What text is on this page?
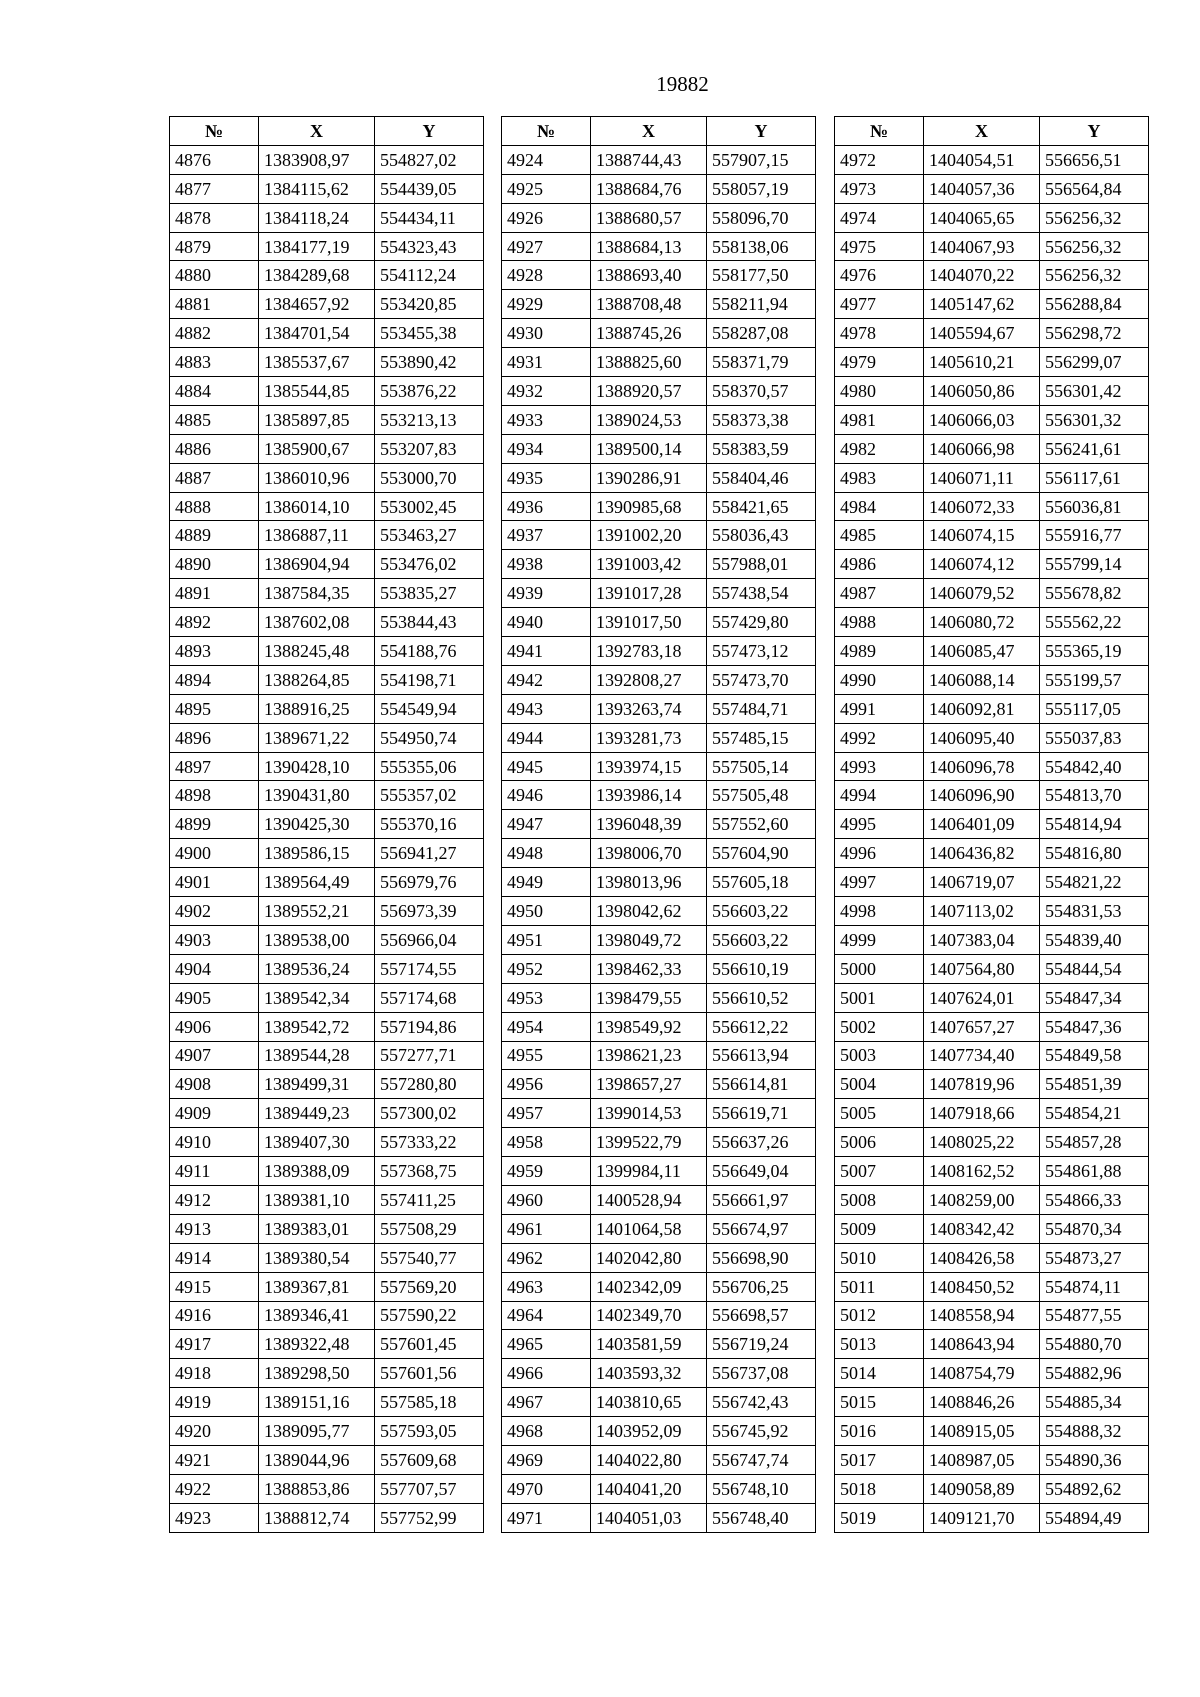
19882
№	X	Y
4876	1383908,97	554827,02
4877	1384115,62	554439,05
4878	1384118,24	554434,11
4879	1384177,19	554323,43
4880	1384289,68	554112,24
4881	1384657,92	553420,85
4882	1384701,54	553455,38
4883	1385537,67	553890,42
4884	1385544,85	553876,22
4885	1385897,85	553213,13
4886	1385900,67	553207,83
4887	1386010,96	553000,70
4888	1386014,10	553002,45
4889	1386887,11	553463,27
4890	1386904,94	553476,02
4891	1387584,35	553835,27
4892	1387602,08	553844,43
4893	1388245,48	554188,76
4894	1388264,85	554198,71
4895	1388916,25	554549,94
4896	1389671,22	554950,74
4897	1390428,10	555355,06
4898	1390431,80	555357,02
4899	1390425,30	555370,16
4900	1389586,15	556941,27
4901	1389564,49	556979,76
4902	1389552,21	556973,39
4903	1389538,00	556966,04
4904	1389536,24	557174,55
4905	1389542,34	557174,68
4906	1389542,72	557194,86
4907	1389544,28	557277,71
4908	1389499,31	557280,80
4909	1389449,23	557300,02
4910	1389407,30	557333,22
4911	1389388,09	557368,75
4912	1389381,10	557411,25
4913	1389383,01	557508,29
4914	1389380,54	557540,77
4915	1389367,81	557569,20
4916	1389346,41	557590,22
4917	1389322,48	557601,45
4918	1389298,50	557601,56
4919	1389151,16	557585,18
4920	1389095,77	557593,05
4921	1389044,96	557609,68
4922	1388853,86	557707,57
4923	1388812,74	557752,99
№	X	Y
4924	1388744,43	557907,15
4925	1388684,76	558057,19
4926	1388680,57	558096,70
4927	1388684,13	558138,06
4928	1388693,40	558177,50
4929	1388708,48	558211,94
4930	1388745,26	558287,08
4931	1388825,60	558371,79
4932	1388920,57	558370,57
4933	1389024,53	558373,38
4934	1389500,14	558383,59
4935	1390286,91	558404,46
4936	1390985,68	558421,65
4937	1391002,20	558036,43
4938	1391003,42	557988,01
4939	1391017,28	557438,54
4940	1391017,50	557429,80
4941	1392783,18	557473,12
4942	1392808,27	557473,70
4943	1393263,74	557484,71
4944	1393281,73	557485,15
4945	1393974,15	557505,14
4946	1393986,14	557505,48
4947	1396048,39	557552,60
4948	1398006,70	557604,90
4949	1398013,96	557605,18
4950	1398042,62	556603,22
4951	1398049,72	556603,22
4952	1398462,33	556610,19
4953	1398479,55	556610,52
4954	1398549,92	556612,22
4955	1398621,23	556613,94
4956	1398657,27	556614,81
4957	1399014,53	556619,71
4958	1399522,79	556637,26
4959	1399984,11	556649,04
4960	1400528,94	556661,97
4961	1401064,58	556674,97
4962	1402042,80	556698,90
4963	1402342,09	556706,25
4964	1402349,70	556698,57
4965	1403581,59	556719,24
4966	1403593,32	556737,08
4967	1403810,65	556742,43
4968	1403952,09	556745,92
4969	1404022,80	556747,74
4970	1404041,20	556748,10
4971	1404051,03	556748,40
№	X	Y
4972	1404054,51	556656,51
4973	1404057,36	556564,84
4974	1404065,65	556256,32
4975	1404067,93	556256,32
4976	1404070,22	556256,32
4977	1405147,62	556288,84
4978	1405594,67	556298,72
4979	1405610,21	556299,07
4980	1406050,86	556301,42
4981	1406066,03	556301,32
4982	1406066,98	556241,61
4983	1406071,11	556117,61
4984	1406072,33	556036,81
4985	1406074,15	555916,77
4986	1406074,12	555799,14
4987	1406079,52	555678,82
4988	1406080,72	555562,22
4989	1406085,47	555365,19
4990	1406088,14	555199,57
4991	1406092,81	555117,05
4992	1406095,40	555037,83
4993	1406096,78	554842,40
4994	1406096,90	554813,70
4995	1406401,09	554814,94
4996	1406436,82	554816,80
4997	1406719,07	554821,22
4998	1407113,02	554831,53
4999	1407383,04	554839,40
5000	1407564,80	554844,54
5001	1407624,01	554847,34
5002	1407657,27	554847,36
5003	1407734,40	554849,58
5004	1407819,96	554851,39
5005	1407918,66	554854,21
5006	1408025,22	554857,28
5007	1408162,52	554861,88
5008	1408259,00	554866,33
5009	1408342,42	554870,34
5010	1408426,58	554873,27
5011	1408450,52	554874,11
5012	1408558,94	554877,55
5013	1408643,94	554880,70
5014	1408754,79	554882,96
5015	1408846,26	554885,34
5016	1408915,05	554888,32
5017	1408987,05	554890,36
5018	1409058,89	554892,62
5019	1409121,70	554894,49
